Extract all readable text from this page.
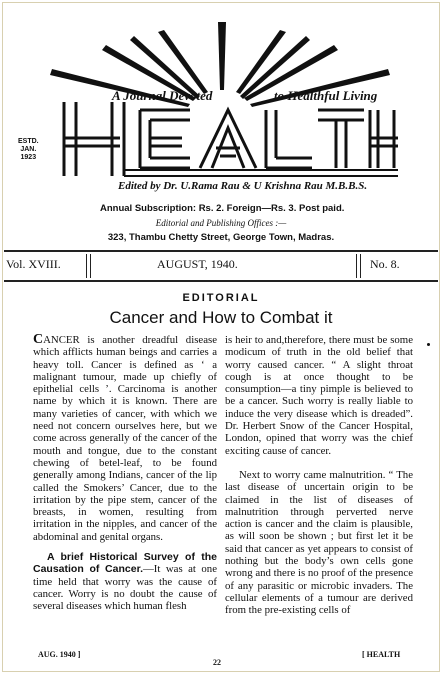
A Journal Devoted	to Healthful Living
ESTD.
JAN.
1923
Edited by Dr. U.Rama Rau & U Krishna Rau M.B.B.S.
Annual Subscription: Rs. 2. Foreign—Rs. 3. Post paid.
Editorial and Publishing Offices :—
323, Thambu Chetty Street, George Town, Madras.
Vol. XVIII.	AUGUST, 1940.	No. 8.
EDITORIAL
Cancer and How to Combat it

CANCER is another dreadful disease which afflicts human beings and carries a heavy toll. Cancer is defined as ‘ a malignant tumour, made up chiefly of epithelial cells ’. Carcinoma is another name by which it is known. There are many varieties of cancer, with which we need not concern ourselves here, but we come across generally of the cancer of the mouth and tongue, due to the constant chewing of betel-leaf, to be found generally among Indians, cancer of the lip called the Smokers’ Cancer, due to the irritation by the pipe stem, cancer of the breasts, in women, resulting from irritation in the nipples, and cancer of the abdominal and genital organs.

A brief Historical Survey of the Causation of Cancer.—It was at one time held that worry was the cause of cancer. Worry is no doubt the cause of several diseases which human flesh

is heir to and,therefore, there must be some modicum of truth in the old belief that worry caused cancer. “ A slight throat cough is at once thought to be consumption—a tiny pimple is believed to be a cancer. Such worry is really liable to induce the very disease which is dreaded”. Dr. Herbert Snow of the Cancer Hospital, London, opined that worry was the chief exciting cause of cancer.

Next to worry came malnutrition. “ The last disease of uncertain origin to be claimed in the list of diseases of malnutrition through perverted nerve action is cancer and the claim is plausible, as will soon be shown ; but first let it be said that cancer as yet appears to consist of nothing but the body’s own cells gone wrong and there is no proof of the presence of any parasitic or microbic invaders. The cellular elements of a tumour are derived from the pre-existing cells of

AUG. 1940 ]
22
[ HEALTH
